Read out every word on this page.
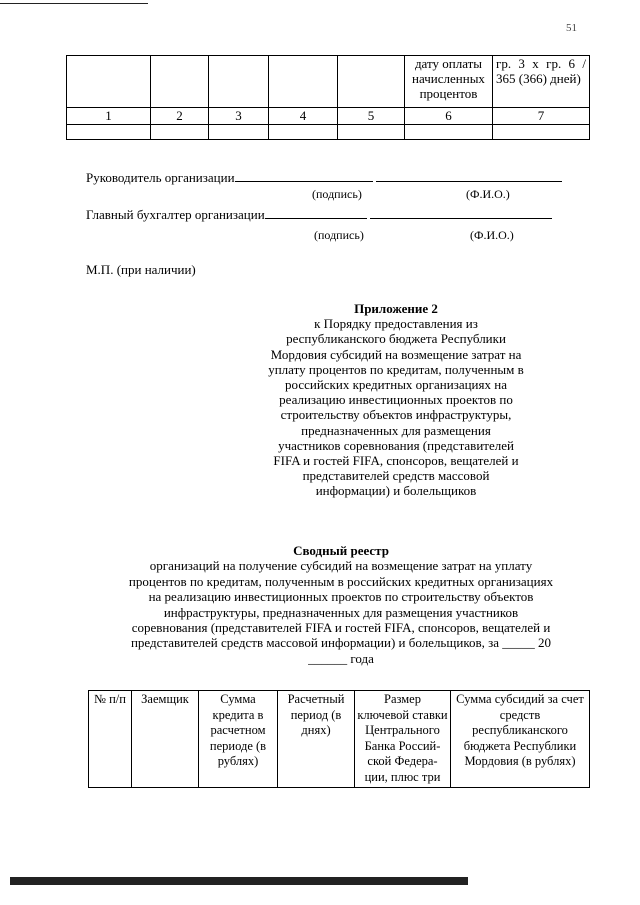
51
					дату оплаты начисленных процентов	гр. 3 х гр. 6 / 365 (366) дней)
1	2	3	4	5	6	7

Руководитель организации
(подпись)	(Ф.И.О.)
Главный бухгалтер организации
(подпись)	(Ф.И.О.)
М.П. (при наличии)
Приложение 2
к Порядку предоставления из
республиканского бюджета Республики
Мордовия субсидий на возмещение затрат на
уплату процентов по кредитам, полученным в
российских кредитных организациях на
реализацию инвестиционных проектов по
строительству объектов инфраструктуры,
предназначенных для размещения
участников соревнования (представителей
FIFA и гостей FIFA, спонсоров, вещателей и
представителей средств массовой
информации) и болельщиков
Сводный реестр
организаций на получение субсидий на возмещение затрат на уплату
процентов по кредитам, полученным в российских кредитных организациях
на реализацию инвестиционных проектов по строительству объектов
инфраструктуры, предназначенных для размещения участников
соревнования (представителей FIFA и гостей FIFA, спонсоров, вещателей и
представителей средств массовой информации) и болельщиков, за _____ 20
______ года
№ п/п	Заемщик	Сумма кредита в расчетном периоде (в рублях)	Расчетный период (в днях)	Размер ключевой ставки Центрального Банка Россий-ской Федера-ции, плюс три	Сумма субсидий за счет средств республиканского бюджета Республики Мордовия (в рублях)
